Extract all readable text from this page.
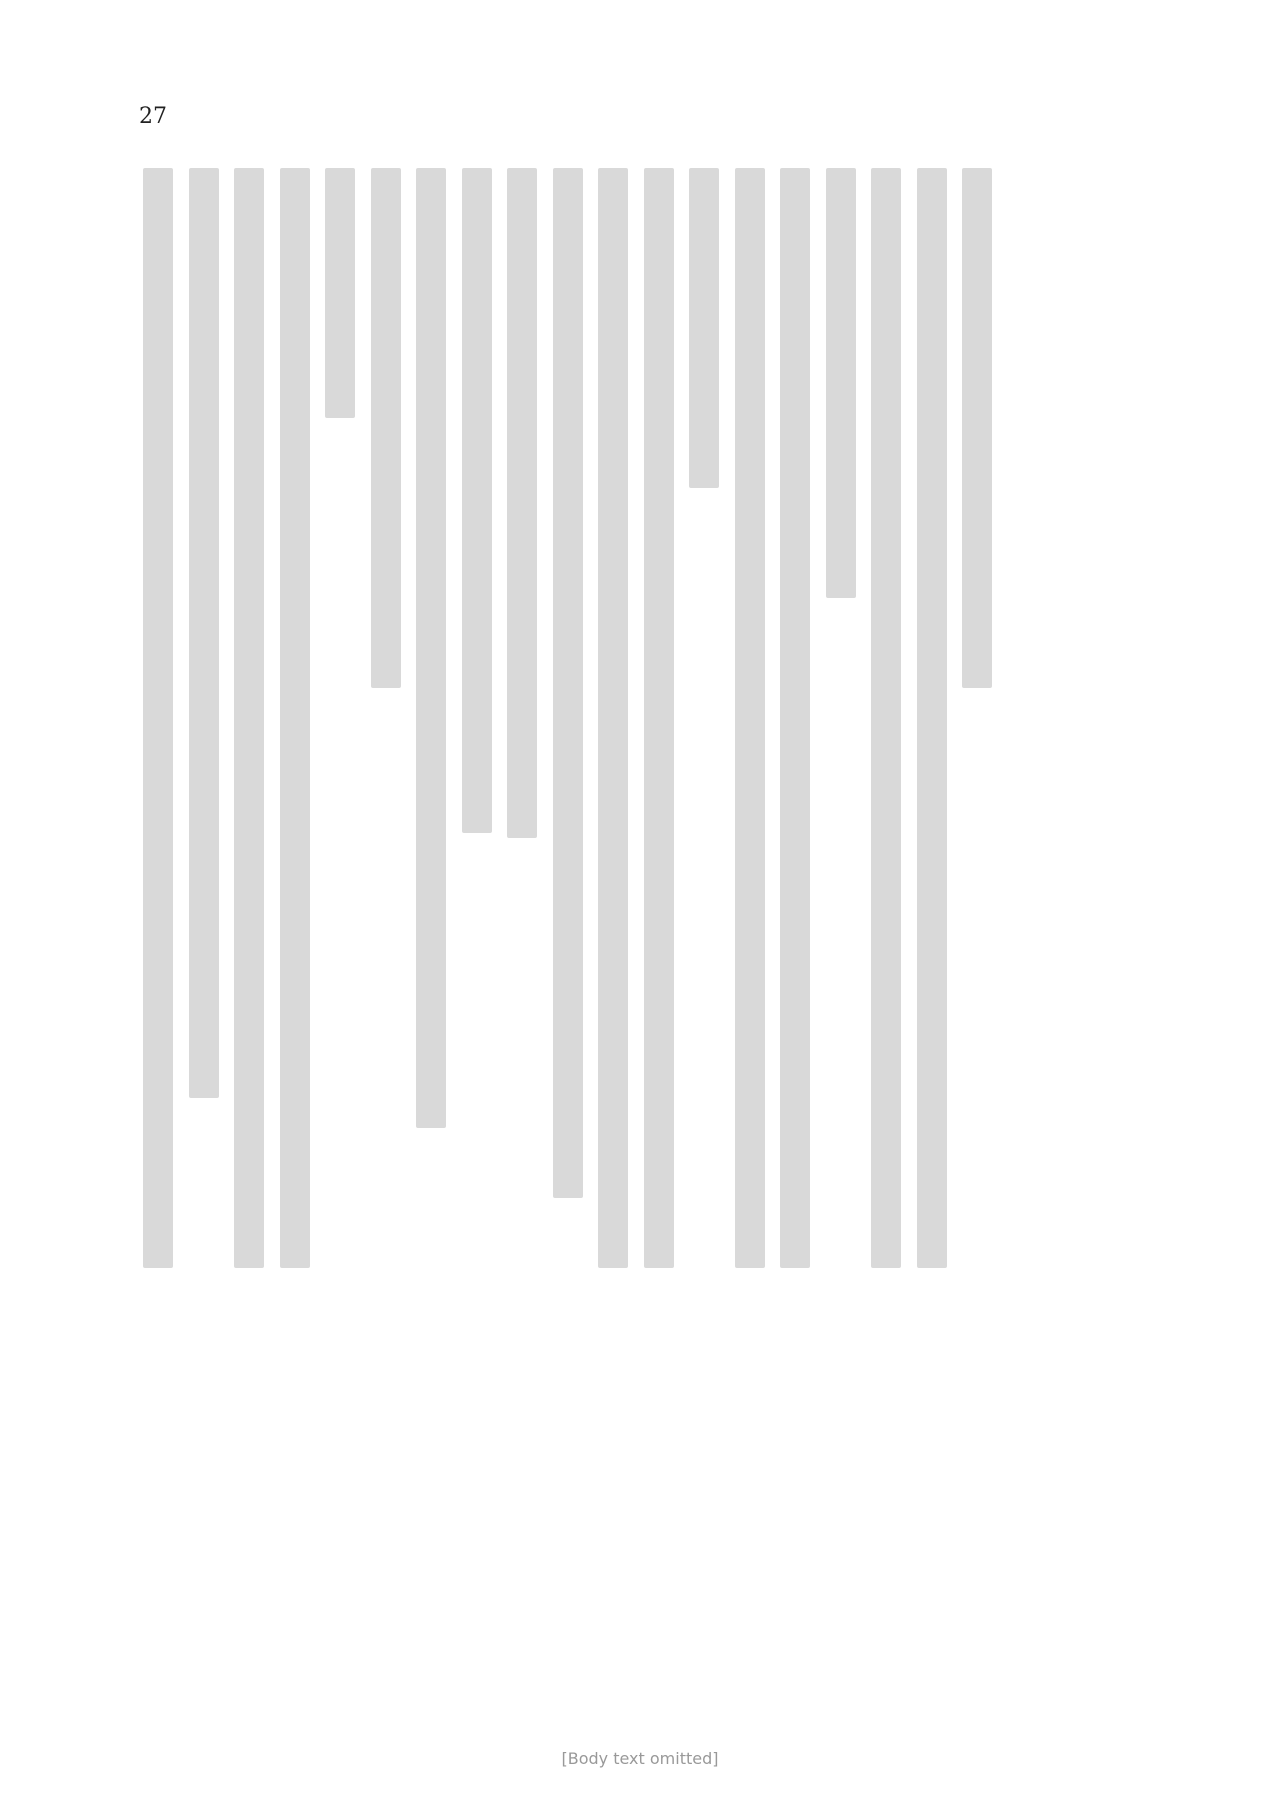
27
[Body text omitted]
